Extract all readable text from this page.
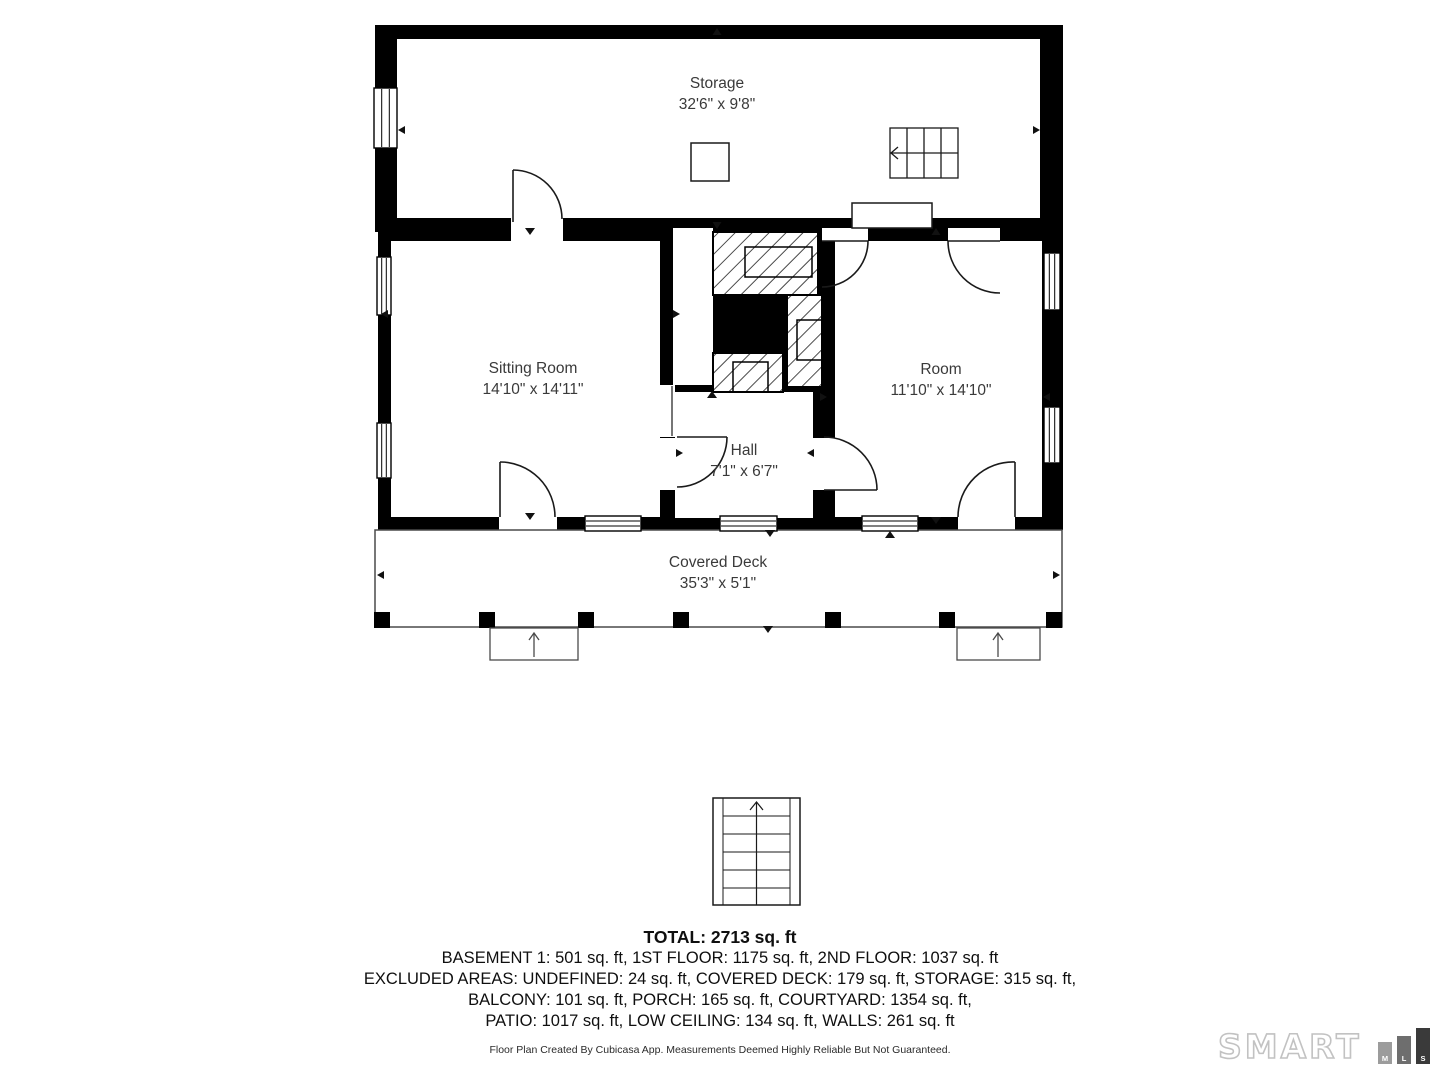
Storage
32'6" x 9'8"
Sitting Room
14'10" x 14'11"
Room
11'10" x 14'10"
Hall
7'1" x 6'7"
Covered Deck
35'3" x 5'1"
TOTAL: 2713 sq. ft
BASEMENT 1: 501 sq. ft, 1ST FLOOR: 1175 sq. ft, 2ND FLOOR: 1037 sq. ft
EXCLUDED AREAS: UNDEFINED: 24 sq. ft, COVERED DECK: 179 sq. ft, STORAGE: 315 sq. ft,
BALCONY: 101 sq. ft, PORCH: 165 sq. ft, COURTYARD: 1354 sq. ft,
PATIO: 1017 sq. ft, LOW CEILING: 134 sq. ft, WALLS: 261 sq. ft
Floor Plan Created By Cubicasa App. Measurements Deemed Highly Reliable But Not Guaranteed.	SMART	M	L	S
